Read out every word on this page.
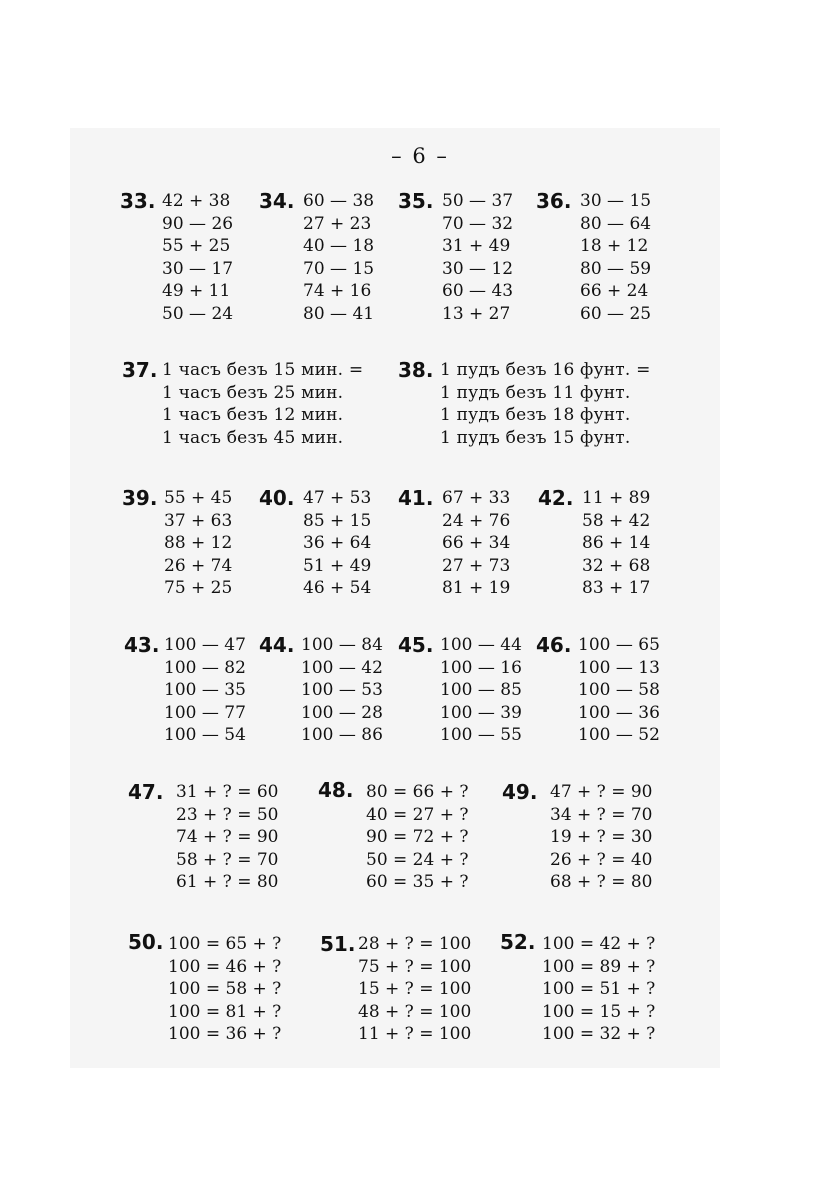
– 6 –
33. 42 + 38
90 — 26
55 + 25
30 — 17
49 + 11
50 — 24
34. 60 — 38
27 + 23
40 — 18
70 — 15
74 + 16
80 — 41
35. 50 — 37
70 — 32
31 + 49
30 — 12
60 — 43
13 + 27
36. 30 — 15
80 — 64
18 + 12
80 — 59
66 + 24
60 — 25
37. 1 часъ безъ 15 мин. =
1 часъ безъ 25 мин.
1 часъ безъ 12 мин.
1 часъ безъ 45 мин.
38. 1 пудъ безъ 16 фунт. =
1 пудъ безъ 11 фунт.
1 пудъ безъ 18 фунт.
1 пудъ безъ 15 фунт.
39. 55 + 45
37 + 63
88 + 12
26 + 74
75 + 25
40. 47 + 53
85 + 15
36 + 64
51 + 49
46 + 54
41. 67 + 33
24 + 76
66 + 34
27 + 73
81 + 19
42. 11 + 89
58 + 42
86 + 14
32 + 68
83 + 17
43. 100 — 47
100 — 82
100 — 35
100 — 77
100 — 54
44. 100 — 84
100 — 42
100 — 53
100 — 28
100 — 86
45. 100 — 44
100 — 16
100 — 85
100 — 39
100 — 55
46. 100 — 65
100 — 13
100 — 58
100 — 36
100 — 52
47. 31 + ? = 60
23 + ? = 50
74 + ? = 90
58 + ? = 70
61 + ? = 80
48. 80 = 66 + ?
40 = 27 + ?
90 = 72 + ?
50 = 24 + ?
60 = 35 + ?
49. 47 + ? = 90
34 + ? = 70
19 + ? = 30
26 + ? = 40
68 + ? = 80
50. 100 = 65 + ?
100 = 46 + ?
100 = 58 + ?
100 = 81 + ?
100 = 36 + ?
51. 28 + ? = 100
75 + ? = 100
15 + ? = 100
48 + ? = 100
11 + ? = 100
52. 100 = 42 + ?
100 = 89 + ?
100 = 51 + ?
100 = 15 + ?
100 = 32 + ?
